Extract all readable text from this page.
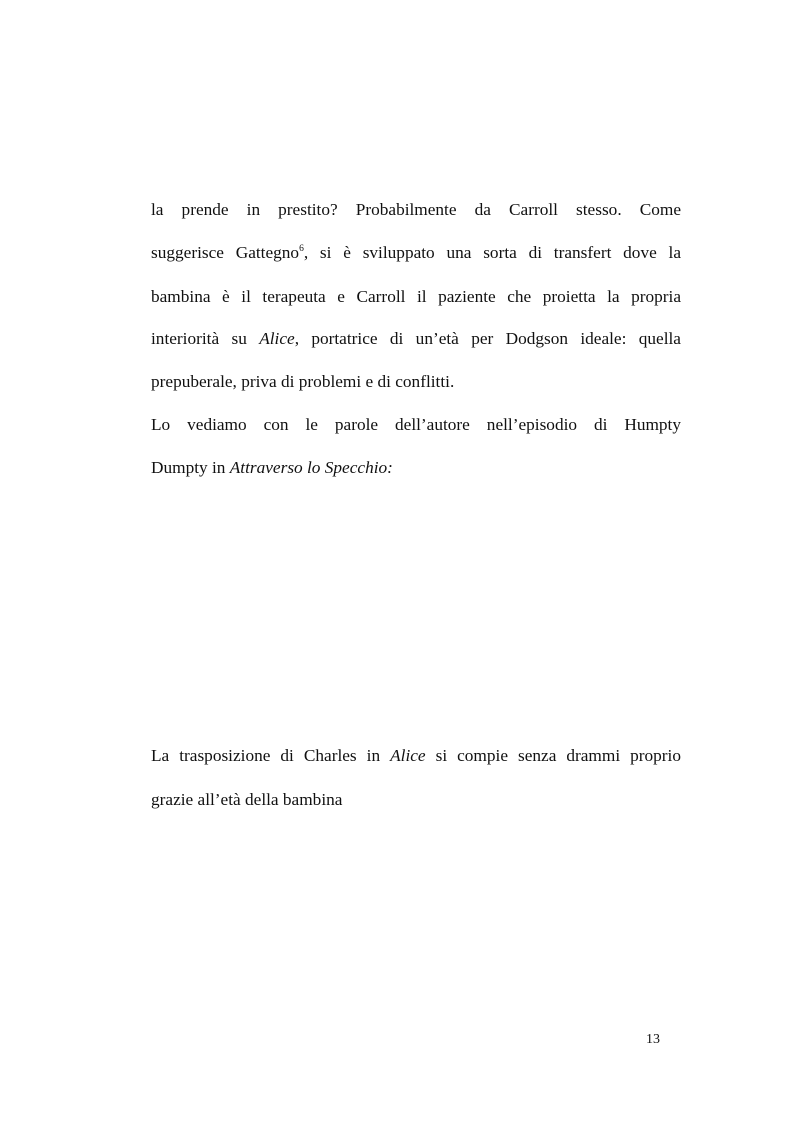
la prende in prestito? Probabilmente da Carroll stesso. Come
suggerisce Gattegno$^6$, si è sviluppato una sorta di transfert dove la
bambina è il terapeuta e Carroll il paziente che proietta la propria
interiorità su Alice, portatrice di un’età per Dodgson ideale: quella
prepuberale, priva di problemi e di conflitti.
Lo vediamo con le parole dell’autore nell’episodio di Humpty
Dumpty in Attraverso lo Specchio:
La trasposizione di Charles in Alice si compie senza drammi proprio
grazie all’età della bambina
13
